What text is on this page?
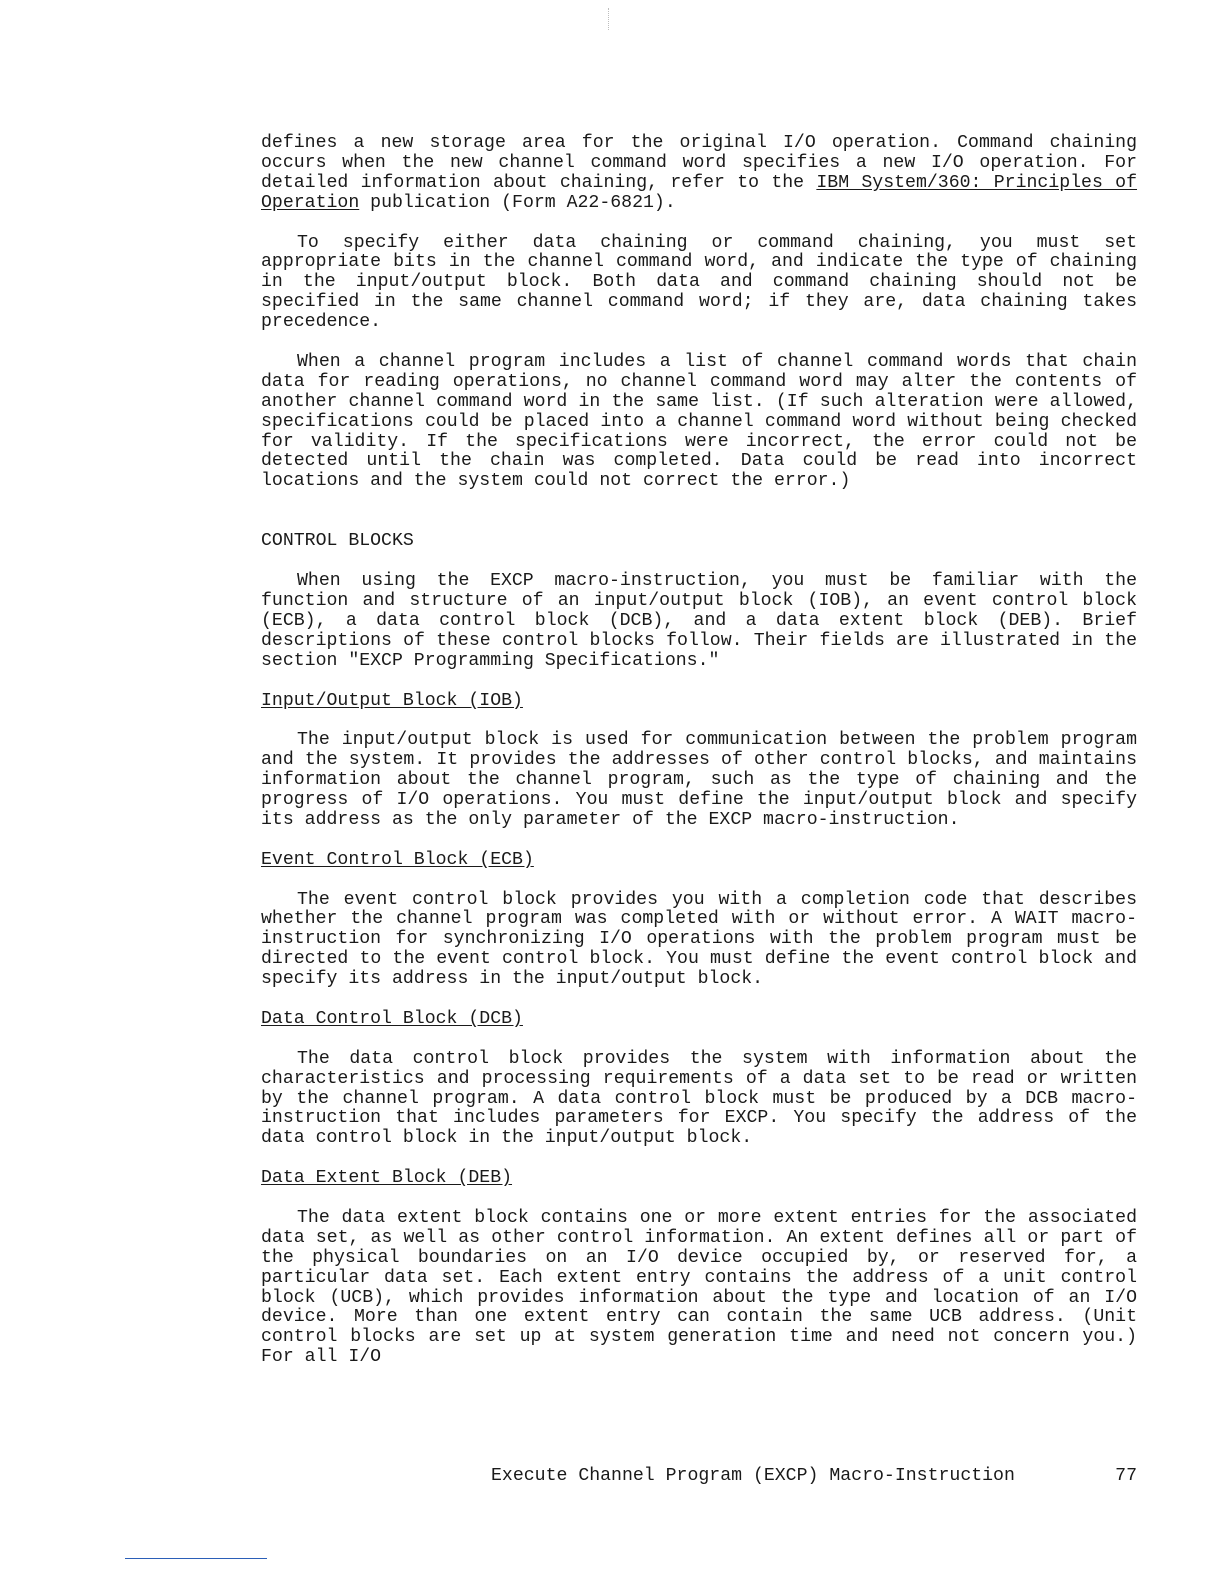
defines a new storage area for the original I/O operation. Command chaining occurs when the new channel command word specifies a new I/O operation. For detailed information about chaining, refer to the IBM System/360: Principles of Operation publication (Form A22-6821).

To specify either data chaining or command chaining, you must set appropriate bits in the channel command word, and indicate the type of chaining in the input/output block. Both data and command chaining should not be specified in the same channel command word; if they are, data chaining takes precedence.

When a channel program includes a list of channel command words that chain data for reading operations, no channel command word may alter the contents of another channel command word in the same list. (If such alteration were allowed, specifications could be placed into a channel command word without being checked for validity. If the specifications were incorrect, the error could not be detected until the chain was completed. Data could be read into incorrect locations and the system could not correct the error.)

CONTROL BLOCKS

When using the EXCP macro-instruction, you must be familiar with the function and structure of an input/output block (IOB), an event control block (ECB), a data control block (DCB), and a data extent block (DEB). Brief descriptions of these control blocks follow. Their fields are illustrated in the section "EXCP Programming Specifications."

Input/Output Block (IOB)

The input/output block is used for communication between the problem program and the system. It provides the addresses of other control blocks, and maintains information about the channel program, such as the type of chaining and the progress of I/O operations. You must define the input/output block and specify its address as the only parameter of the EXCP macro-instruction.

Event Control Block (ECB)

The event control block provides you with a completion code that describes whether the channel program was completed with or without error. A WAIT macro-instruction for synchronizing I/O operations with the problem program must be directed to the event control block. You must define the event control block and specify its address in the input/output block.

Data Control Block (DCB)

The data control block provides the system with information about the characteristics and processing requirements of a data set to be read or written by the channel program. A data control block must be produced by a DCB macro-instruction that includes parameters for EXCP. You specify the address of the data control block in the input/output block.

Data Extent Block (DEB)

The data extent block contains one or more extent entries for the associated data set, as well as other control information. An extent defines all or part of the physical boundaries on an I/O device occupied by, or reserved for, a particular data set. Each extent entry contains the address of a unit control block (UCB), which provides information about the type and location of an I/O device. More than one extent entry can contain the same UCB address. (Unit control blocks are set up at system generation time and need not concern you.) For all I/O

Execute Channel Program (EXCP) Macro-Instruction	77
